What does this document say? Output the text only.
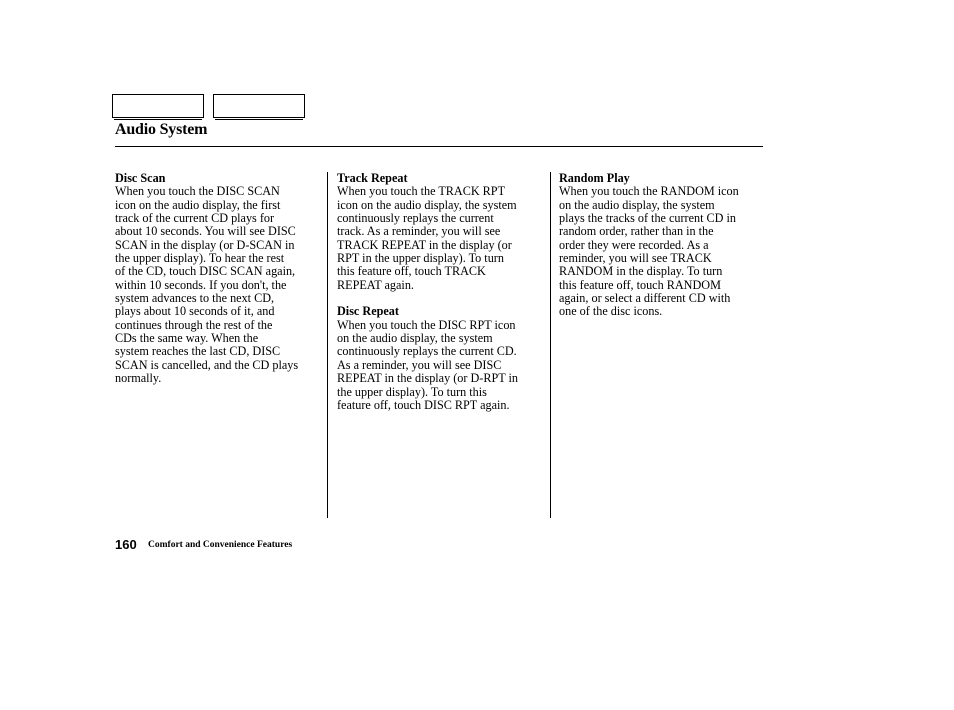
Audio System
Disc Scan

When you touch the DISC SCAN
icon on the audio display, the first
track of the current CD plays for
about 10 seconds. You will see DISC
SCAN in the display (or D-SCAN in
the upper display). To hear the rest
of the CD, touch DISC SCAN again,
within 10 seconds. If you don't, the
system advances to the next CD,
plays about 10 seconds of it, and
continues through the rest of the
CDs the same way. When the
system reaches the last CD, DISC
SCAN is cancelled, and the CD plays
normally.

Track Repeat

When you touch the TRACK RPT
icon on the audio display, the system
continuously replays the current
track. As a reminder, you will see
TRACK REPEAT in the display (or
RPT in the upper display). To turn
this feature off, touch TRACK
REPEAT again.

Disc Repeat

When you touch the DISC RPT icon
on the audio display, the system
continuously replays the current CD.
As a reminder, you will see DISC
REPEAT in the display (or D-RPT in
the upper display). To turn this
feature off, touch DISC RPT again.

Random Play

When you touch the RANDOM icon
on the audio display, the system
plays the tracks of the current CD in
random order, rather than in the
order they were recorded. As a
reminder, you will see TRACK
RANDOM in the display. To turn
this feature off, touch RANDOM
again, or select a different CD with
one of the disc icons.

160 Comfort and Convenience Features
